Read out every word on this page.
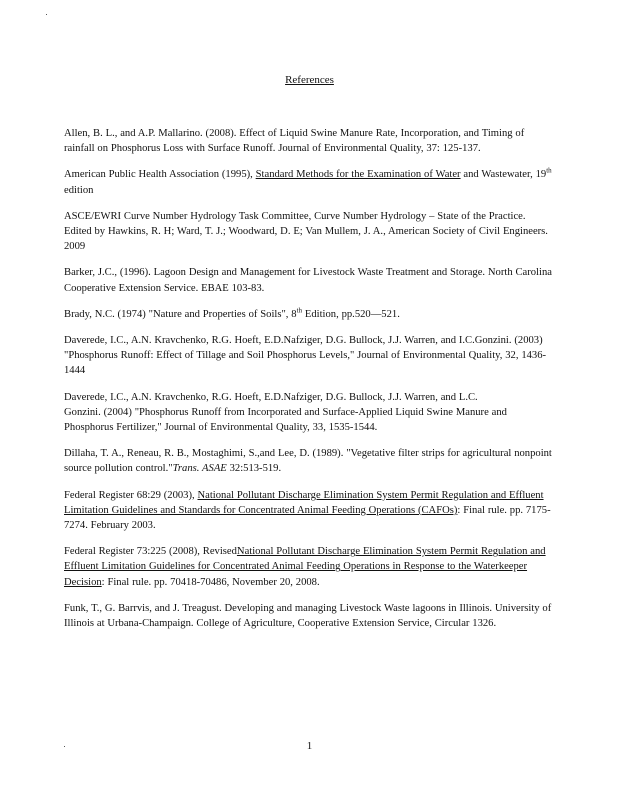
References

Allen, B. L., and A.P. Mallarino. (2008). Effect of Liquid Swine Manure Rate, Incorporation, and Timing of rainfall on Phosphorus Loss with Surface Runoff. Journal of Environmental Quality, 37: 125-137.

American Public Health Association (1995), Standard Methods for the Examination of Water and Wastewater, 19th edition

ASCE/EWRI Curve Number Hydrology Task Committee, Curve Number Hydrology – State of the Practice. Edited by Hawkins, R. H; Ward, T. J.; Woodward, D. E; Van Mullem, J. A., American Society of Civil Engineers. 2009

Barker, J.C., (1996). Lagoon Design and Management for Livestock Waste Treatment and Storage. North Carolina Cooperative Extension Service. EBAE 103-83.

Brady, N.C. (1974) "Nature and Properties of Soils", 8th Edition, pp.520—521.

Daverede, I.C., A.N. Kravchenko, R.G. Hoeft, E.D.Nafziger, D.G. Bullock, J.J. Warren, and I.C.Gonzini. (2003) "Phosphorus Runoff: Effect of Tillage and Soil Phosphorus Levels," Journal of Environmental Quality, 32, 1436-1444

Daverede, I.C., A.N. Kravchenko, R.G. Hoeft, E.D.Nafziger, D.G. Bullock, J.J. Warren, and L.C.
Gonzini. (2004) "Phosphorus Runoff from Incorporated and Surface-Applied Liquid Swine Manure and Phosphorus Fertilizer," Journal of Environmental Quality, 33, 1535-1544.

Dillaha, T. A., Reneau, R. B., Mostaghimi, S.,and Lee, D. (1989). "Vegetative filter strips for agricultural nonpoint source pollution control."Trans. ASAE 32:513-519.

Federal Register 68:29 (2003), National Pollutant Discharge Elimination System Permit Regulation and Effluent Limitation Guidelines and Standards for Concentrated Animal Feeding Operations (CAFOs): Final rule. pp. 7175-7274. February 2003.

Federal Register 73:225 (2008), RevisedNational Pollutant Discharge Elimination System Permit Regulation and Effluent Limitation Guidelines for Concentrated Animal Feeding Operations in Response to the Waterkeeper Decision: Final rule. pp. 70418-70486, November 20, 2008.

Funk, T., G. Barrvis, and J. Treagust. Developing and managing Livestock Waste lagoons in Illinois. University of Illinois at Urbana-Champaign. College of Agriculture, Cooperative Extension Service, Circular 1326.

1
